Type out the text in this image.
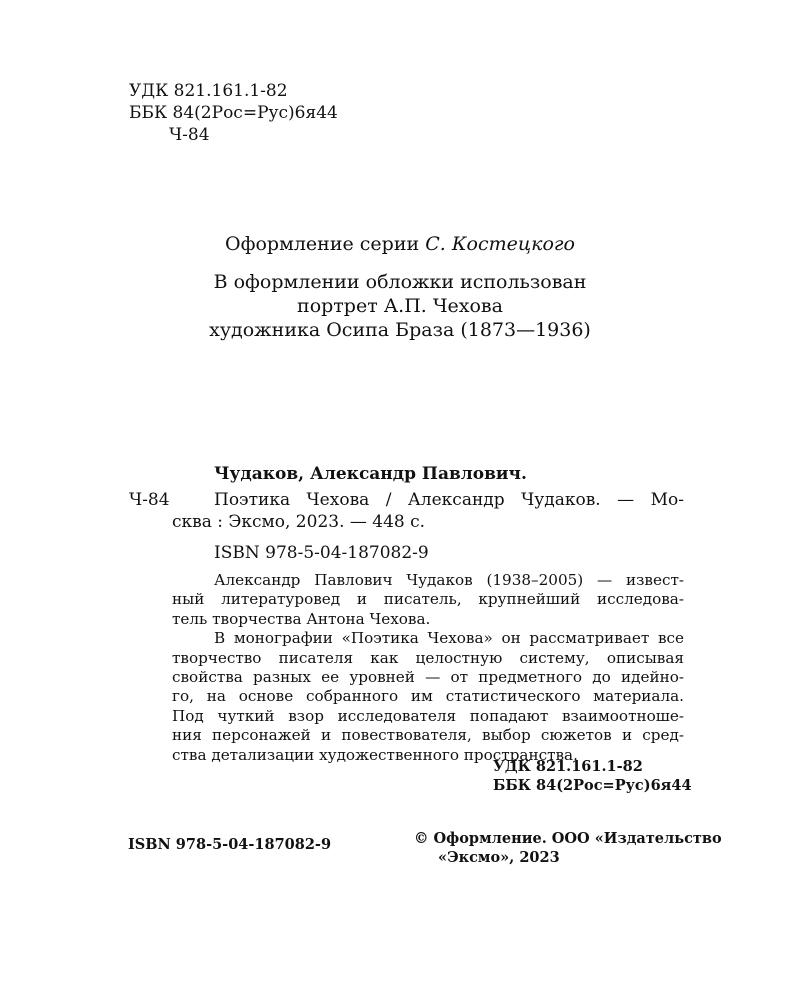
УДК 821.161.1-82
ББК 84(2Рос=Рус)6я44
Ч-84
Оформление серии С. Костецкого
В оформлении обложки использован
портрет А.П. Чехова
художника Осипа Браза (1873—1936)
Чудаков, Александр Павлович.
Ч-84	Поэтика Чехова / Александр Чудаков. — Мо-
сква : Эксмо, 2023. — 448 с.
ISBN 978-5-04-187082-9
Александр Павлович Чудаков (1938–2005) — извест-
ный литературовед и писатель, крупнейший исследова-
тель творчества Антона Чехова.
В монографии «Поэтика Чехова» он рассматривает все
творчество писателя как целостную систему, описывая
свойства разных ее уровней — от предметного до идейно-
го, на основе собранного им статистического материала.
Под чуткий взор исследователя попадают взаимоотноше-
ния персонажей и повествователя, выбор сюжетов и сред-
ства детализации художественного пространства.
УДК 821.161.1-82
ББК 84(2Рос=Рус)6я44
ISBN 978-5-04-187082-9	© Оформление. ООО «Издательство
«Эксмо», 2023
